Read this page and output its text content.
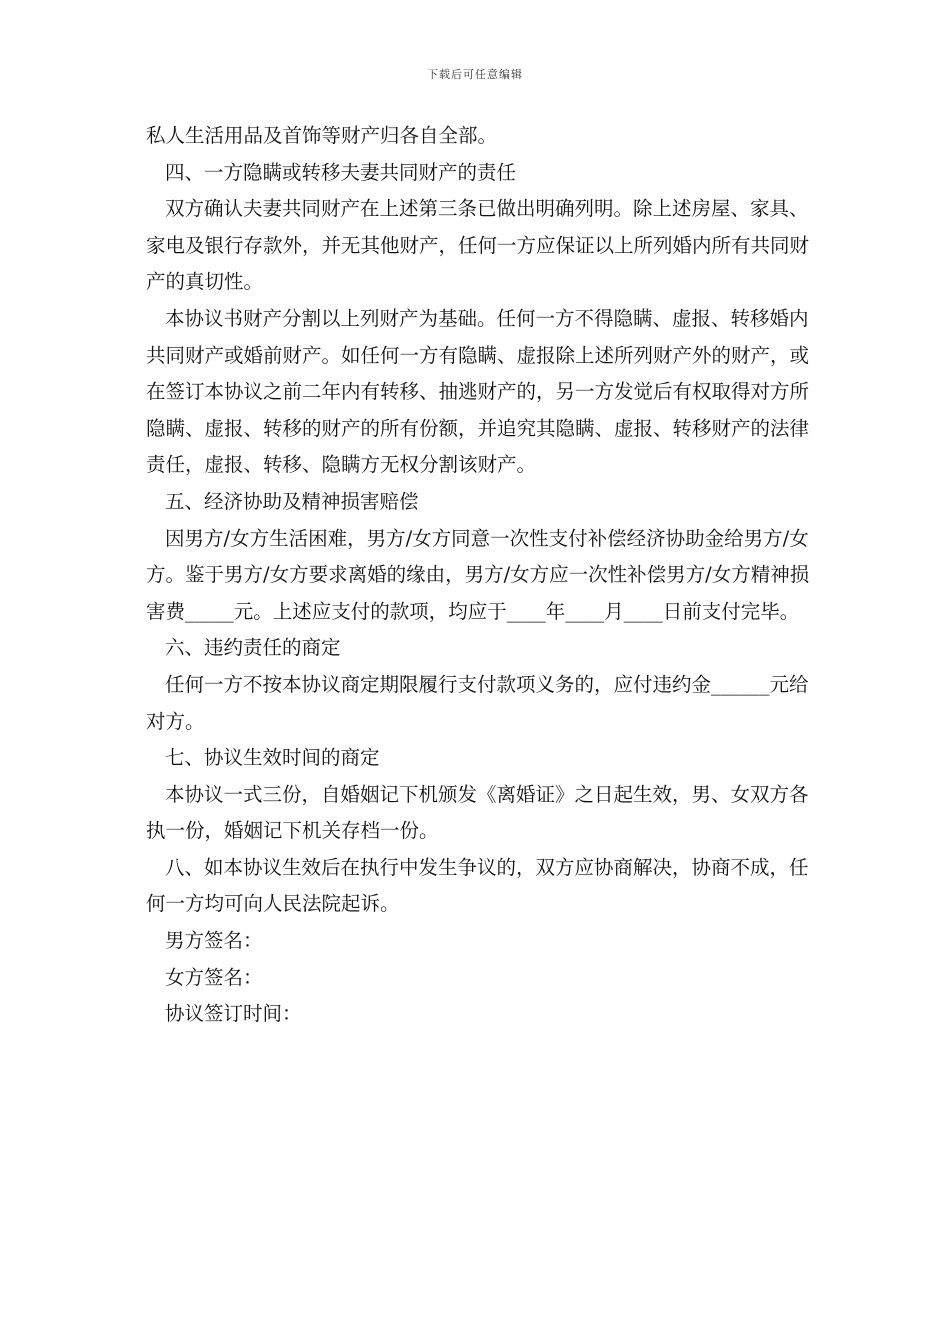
下载后可任意编辑

私人生活用品及首饰等财产归各自全部。

四、一方隐瞒或转移夫妻共同财产的责任

双方确认夫妻共同财产在上述第三条已做出明确列明。除上述房屋、家具、家电及银行存款外，并无其他财产，任何一方应保证以上所列婚内所有共同财产的真切性。

本协议书财产分割以上列财产为基础。任何一方不得隐瞒、虚报、转移婚内共同财产或婚前财产。如任何一方有隐瞒、虚报除上述所列财产外的财产，或在签订本协议之前二年内有转移、抽逃财产的，另一方发觉后有权取得对方所隐瞒、虚报、转移的财产的所有份额，并追究其隐瞒、虚报、转移财产的法律责任，虚报、转移、隐瞒方无权分割该财产。

五、经济协助及精神损害赔偿

因男方/女方生活困难，男方/女方同意一次性支付补偿经济协助金给男方/女方。鉴于男方/女方要求离婚的缘由，男方/女方应一次性补偿男方/女方精神损害费_____元。上述应支付的款项，均应于____年____月____日前支付完毕。

六、违约责任的商定

任何一方不按本协议商定期限履行支付款项义务的，应付违约金______元给对方。

七、协议生效时间的商定

本协议一式三份，自婚姻记下机颁发《离婚证》之日起生效，男、女双方各执一份，婚姻记下机关存档一份。

八、如本协议生效后在执行中发生争议的，双方应协商解决，协商不成，任何一方均可向人民法院起诉。

男方签名：

女方签名：

协议签订时间：
